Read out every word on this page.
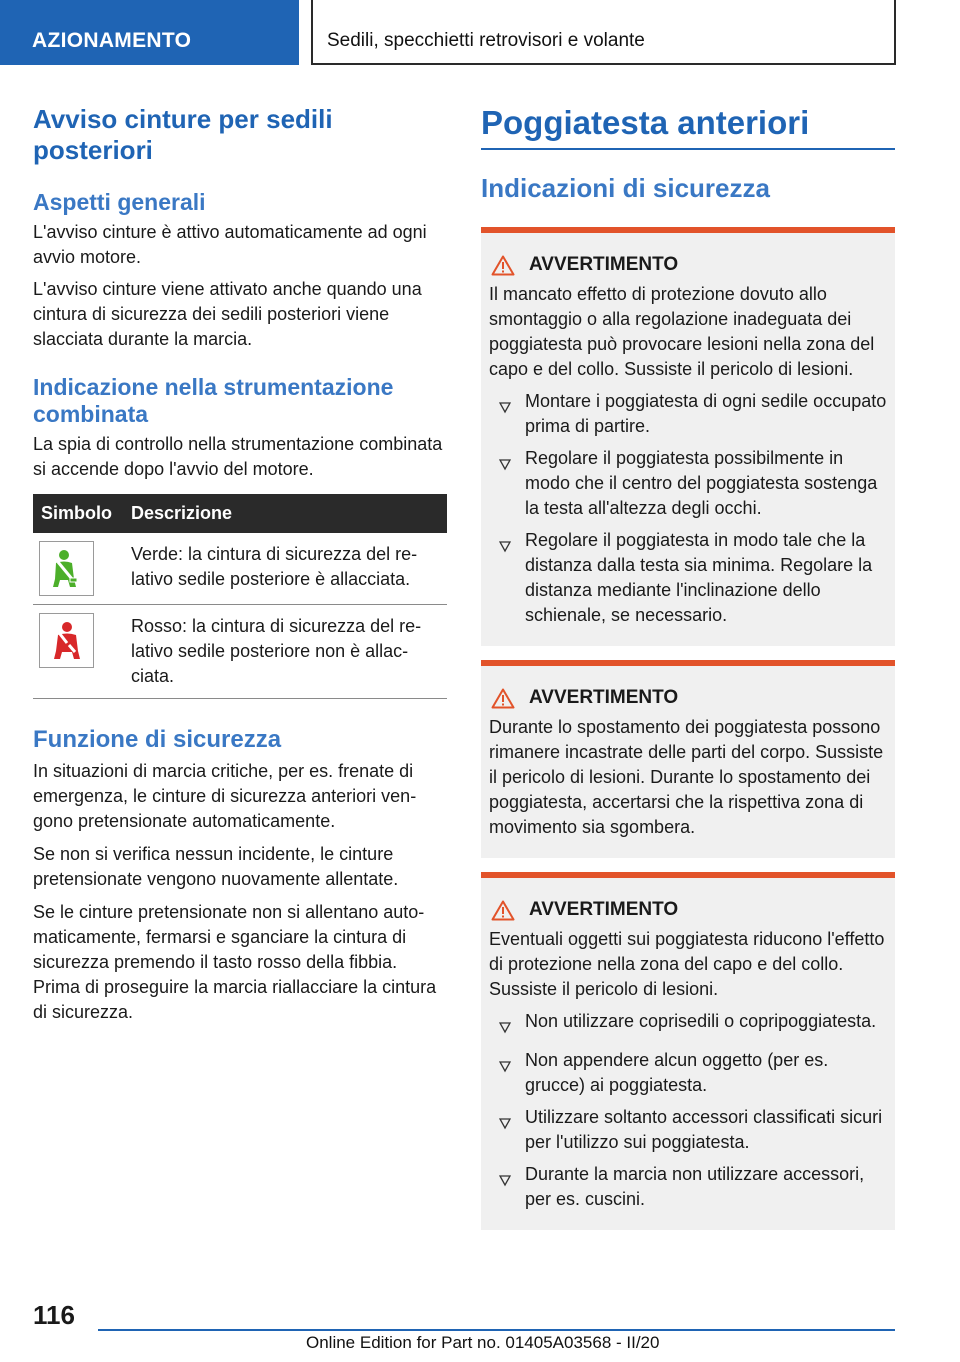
AZIONAMENTO	Sedili, specchietti retrovisori e volante
Avviso cinture per sedili posteriori
Aspetti generali

L'avviso cinture è attivo automaticamente ad ogni avvio motore.

L'avviso cinture viene attivato anche quando una cintura di sicurezza dei sedili posteriori viene slacciata durante la marcia.

Indicazione nella strumentazione combinata

La spia di controllo nella strumentazione combinata si accende dopo l'avvio del motore.

Simbolo	Descrizione

	Verde: la cintura di sicurezza del relativo sedile posteriore è allacciata.

	Rosso: la cintura di sicurezza del relativo sedile posteriore non è allacciata.
Funzione di sicurezza

In situazioni di marcia critiche, per es. frenate di emergenza, le cinture di sicurezza anteriori vengono pretensionate automaticamente.

Se non si verifica nessun incidente, le cinture pretensionate vengono nuovamente allentate.

Se le cinture pretensionate non si allentano automaticamente, fermarsi e sganciare la cintura di sicurezza premendo il tasto rosso della fibbia. Prima di proseguire la marcia riallacciare la cintura di sicurezza.

Poggiatesta anteriori
Indicazioni di sicurezza
AVVERTIMENTO

Il mancato effetto di protezione dovuto allo smontaggio o alla regolazione inadeguata dei poggiatesta può provocare lesioni nella zona del capo e del collo. Sussiste il pericolo di lesioni.

Montare i poggiatesta di ogni sedile occupato prima di partire.
Regolare il poggiatesta possibilmente in modo che il centro del poggiatesta sostenga la testa all'altezza degli occhi.
Regolare il poggiatesta in modo tale che la distanza dalla testa sia minima. Regolare la distanza mediante l'inclinazione dello schienale, se necessario.
AVVERTIMENTO

Durante lo spostamento dei poggiatesta possono rimanere incastrate delle parti del corpo. Sussiste il pericolo di lesioni. Durante lo spostamento dei poggiatesta, accertarsi che la rispettiva zona di movimento sia sgombera.

AVVERTIMENTO

Eventuali oggetti sui poggiatesta riducono l'effetto di protezione nella zona del capo e del collo. Sussiste il pericolo di lesioni.

Non utilizzare coprisedili o copripoggiatesta.
Non appendere alcun oggetto (per es. grucce) ai poggiatesta.
Utilizzare soltanto accessori classificati sicuri per l'utilizzo sui poggiatesta.
Durante la marcia non utilizzare accessori, per es. cuscini.
116
Online Edition for Part no. 01405A03568 - II/20
